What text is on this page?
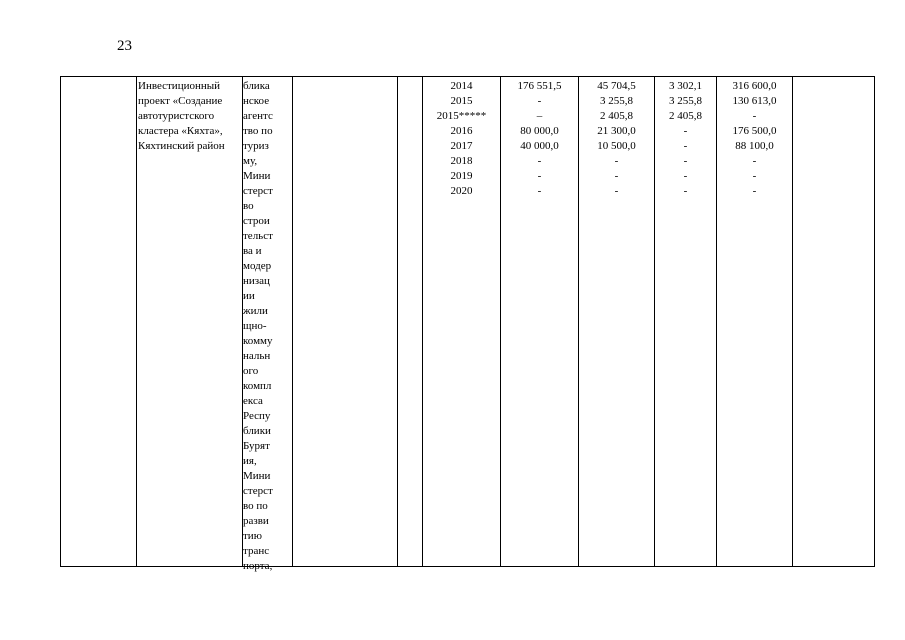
23
Инвестиционный
проект «Создание
автотуристского
кластера «Кяхта»,
Кяхтинский район
блика
нское
агентс
тво по
туриз
му,
Мини
стерст
во
строи
тельст
ва и
модер
низац
ии
жили
щно-
комму
нальн
ого
компл
екса
Респу
блики
Бурят
ия,
Мини
стерст
во по
разви
тию
транс
порта,
2014
2015
2015*****
2016
2017
2018
2019
2020
176 551,5
-
–
80 000,0
40 000,0
-
-
-
45 704,5
3 255,8
2 405,8
21 300,0
10 500,0
-
-
-
3 302,1
3 255,8
2 405,8
-
-
-
-
-
316 600,0
130 613,0
-
176 500,0
88 100,0
-
-
-
